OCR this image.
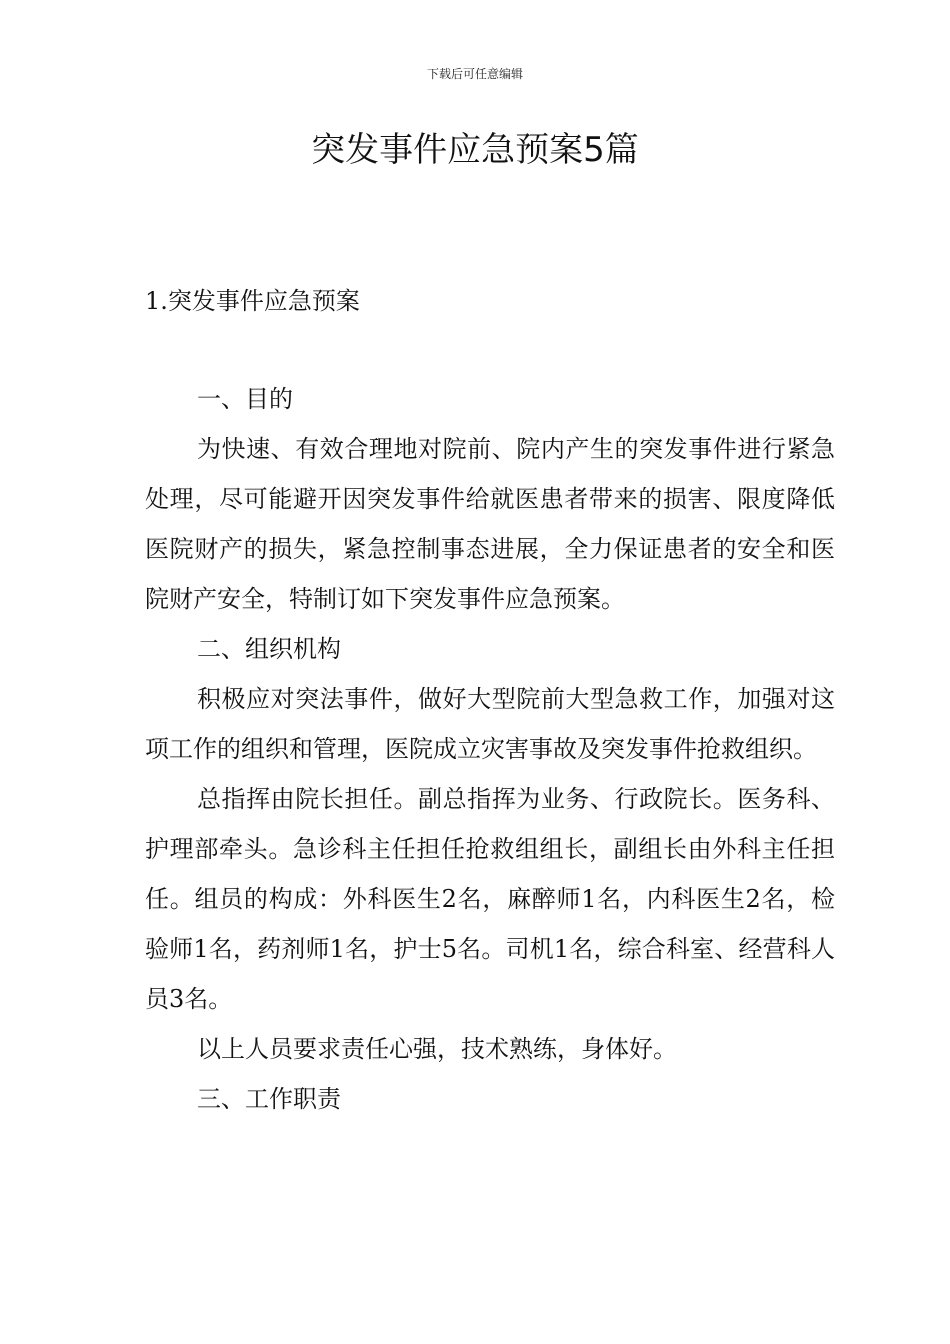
下载后可任意编辑
突发事件应急预案5篇
1.突发事件应急预案

一、目的

为快速、有效合理地对院前、院内产生的突发事件进行紧急处理，尽可能避开因突发事件给就医患者带来的损害、限度降低医院财产的损失，紧急控制事态进展，全力保证患者的安全和医院财产安全，特制订如下突发事件应急预案。

二、组织机构

积极应对突法事件，做好大型院前大型急救工作，加强对这项工作的组织和管理，医院成立灾害事故及突发事件抢救组织。

总指挥由院长担任。副总指挥为业务、行政院长。医务科、护理部牵头。急诊科主任担任抢救组组长，副组长由外科主任担任。组员的构成：外科医生2名，麻醉师1名，内科医生2名，检验师1名，药剂师1名，护士5名。司机1名，综合科室、经营科人员3名。

以上人员要求责任心强，技术熟练，身体好。

三、工作职责
